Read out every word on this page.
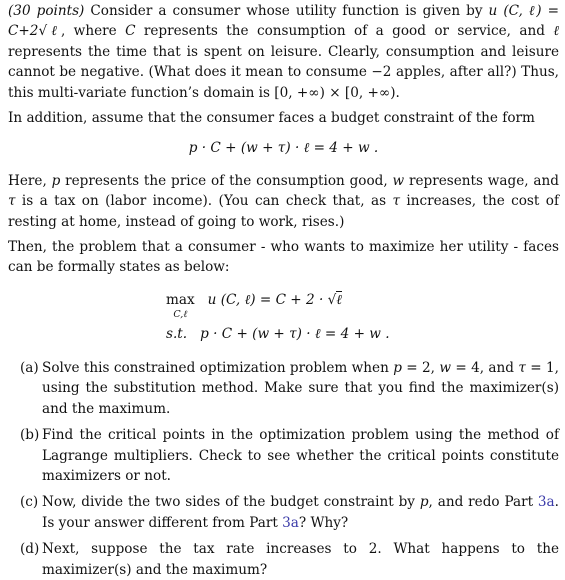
(30 points) Consider a consumer whose utility function is given by u (C, ℓ) = C+2√ℓ, where C represents the consumption of a good or service, and ℓ represents the time that is spent on leisure. Clearly, consumption and leisure cannot be negative. (What does it mean to consume −2 apples, after all?) Thus, this multi-variate function’s domain is [0, +∞) × [0, +∞).

In addition, assume that the consumer faces a budget constraint of the form

p · C + (w + τ) · ℓ = 4 + w .

Here, p represents the price of the consumption good, w represents wage, and τ is a tax on (labor income). (You can check that, as τ increases, the cost of resting at home, instead of going to work, rises.)

Then, the problem that a consumer - who wants to maximize her utility - faces can be formally states as below:

max
C,ℓ
u (C, ℓ) = C + 2 · √ℓ
s.t. p · C + (w + τ) · ℓ = 4 + w .
(a) Solve this constrained optimization problem when p = 2, w = 4, and τ = 1, using the substitution method. Make sure that you find the maximizer(s) and the maximum.
(b) Find the critical points in the optimization problem using the method of Lagrange multipliers. Check to see whether the critical points constitute maximizers or not.
(c) Now, divide the two sides of the budget constraint by p, and redo Part 3a. Is your answer different from Part 3a? Why?
(d) Next, suppose the tax rate increases to 2. What happens to the maximizer(s) and the maximum?
